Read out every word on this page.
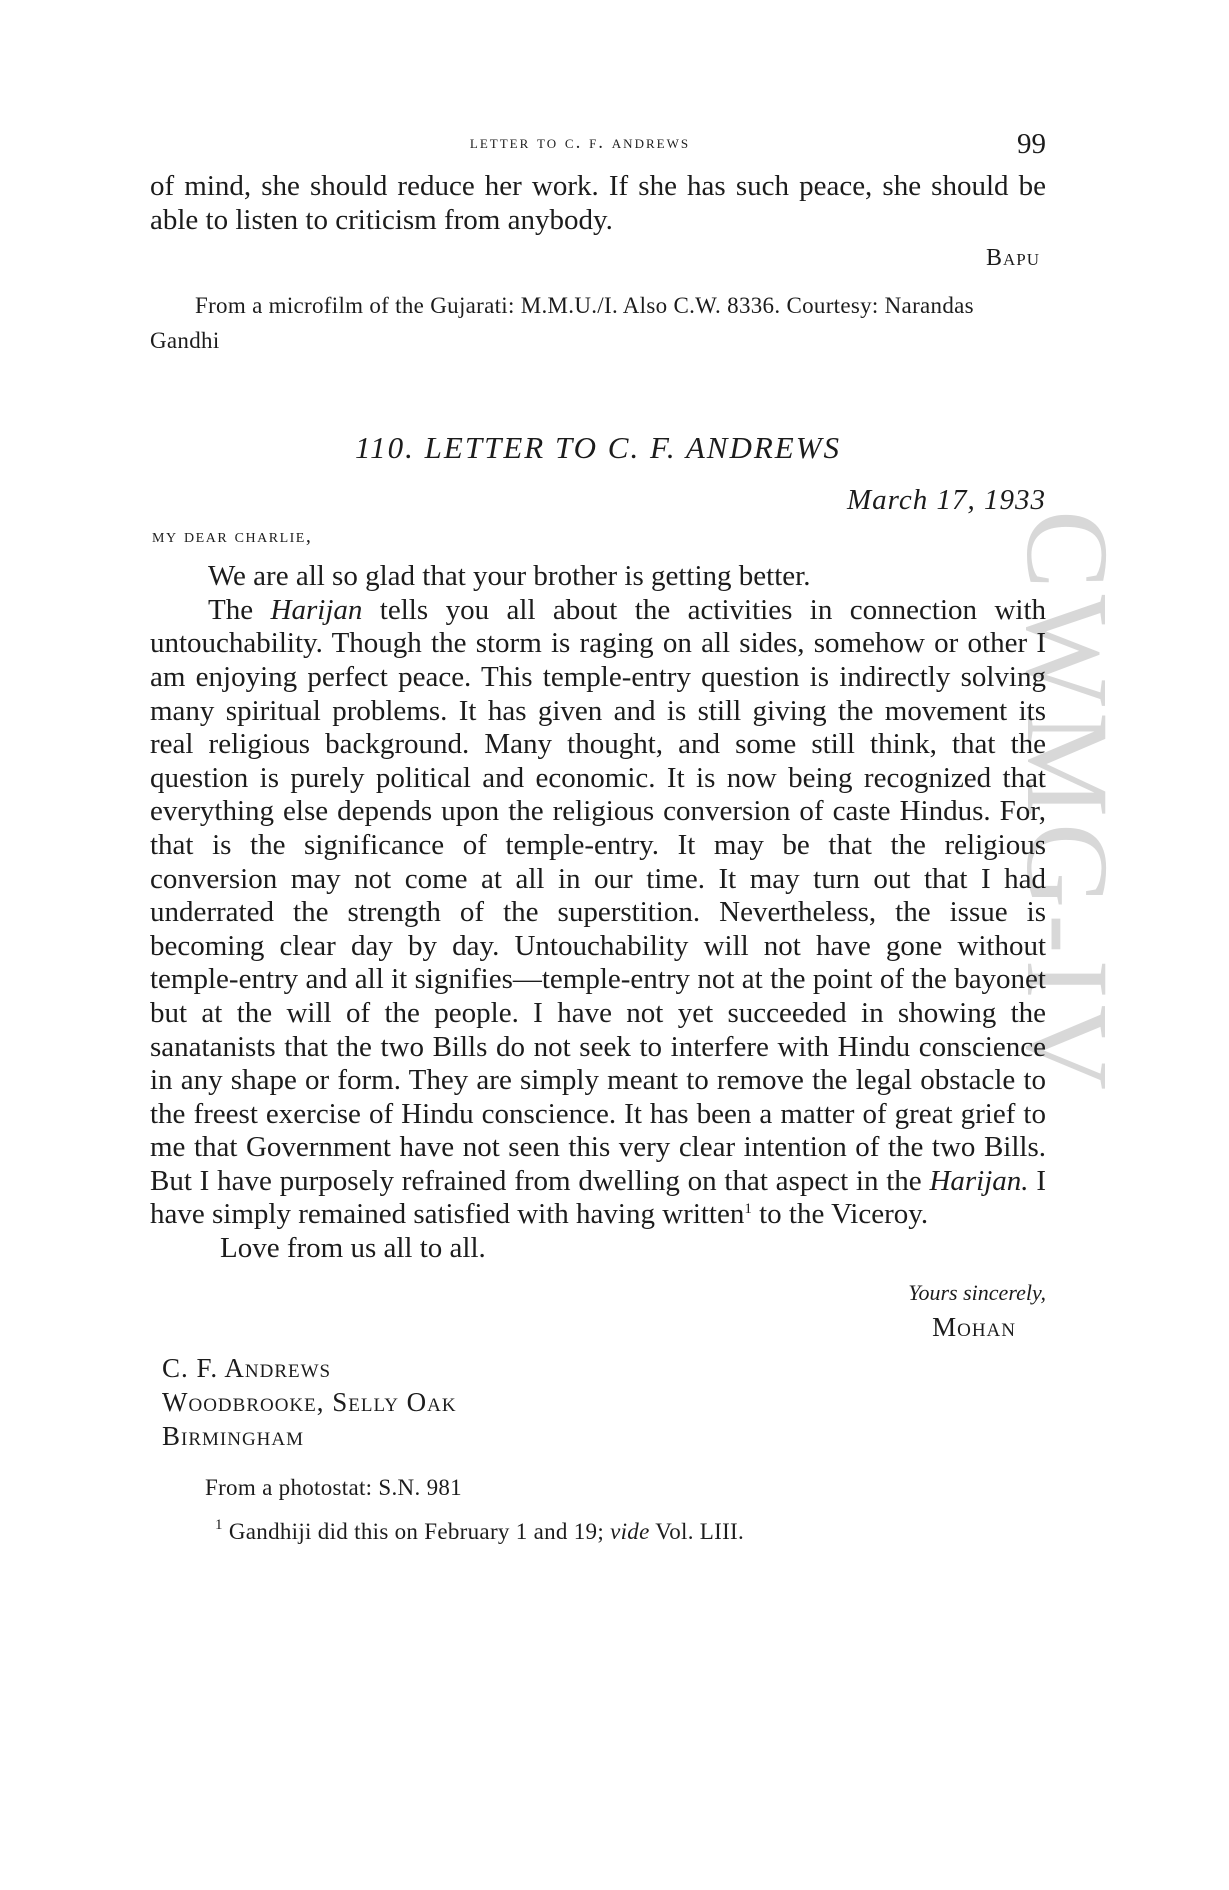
CWMG-IV
letter to c. f. andrews	99

of mind, she should reduce her work. If she has such peace, she should be able to listen to criticism from anybody.

Bapu

From a microfilm of the Gujarati: M.M.U./I. Also C.W. 8336. Courtesy: Narandas Gandhi

110. LETTER TO C. F. ANDREWS
March 17, 1933
my dear charlie,

We are all so glad that your brother is getting better.

The Harijan tells you all about the activities in connection with untouchability. Though the storm is raging on all sides, somehow or other I am enjoying perfect peace. This temple-entry question is indirectly solving many spiritual problems. It has given and is still giving the movement its real religious background. Many thought, and some still think, that the question is purely political and economic. It is now being recognized that everything else depends upon the religious conversion of caste Hindus. For, that is the significance of temple-entry. It may be that the religious conversion may not come at all in our time. It may turn out that I had underrated the strength of the superstition. Nevertheless, the issue is becoming clear day by day. Untouchability will not have gone without temple-entry and all it signifies—temple-entry not at the point of the bayonet but at the will of the people. I have not yet succeeded in showing the sanatanists that the two Bills do not seek to interfere with Hindu conscience in any shape or form. They are simply meant to remove the legal obstacle to the freest exercise of Hindu conscience. It has been a matter of great grief to me that Government have not seen this very clear intention of the two Bills. But I have purposely refrained from dwelling on that aspect in the Harijan. I have simply remained satisfied with having written$^1$ to the Viceroy.

Love from us all to all.

Yours sincerely,
Mohan
C. F. Andrews
Woodbrooke, Selly Oak
Birmingham
From a photostat: S.N. 981
$^1$ Gandhiji did this on February 1 and 19; vide Vol. LIII.
